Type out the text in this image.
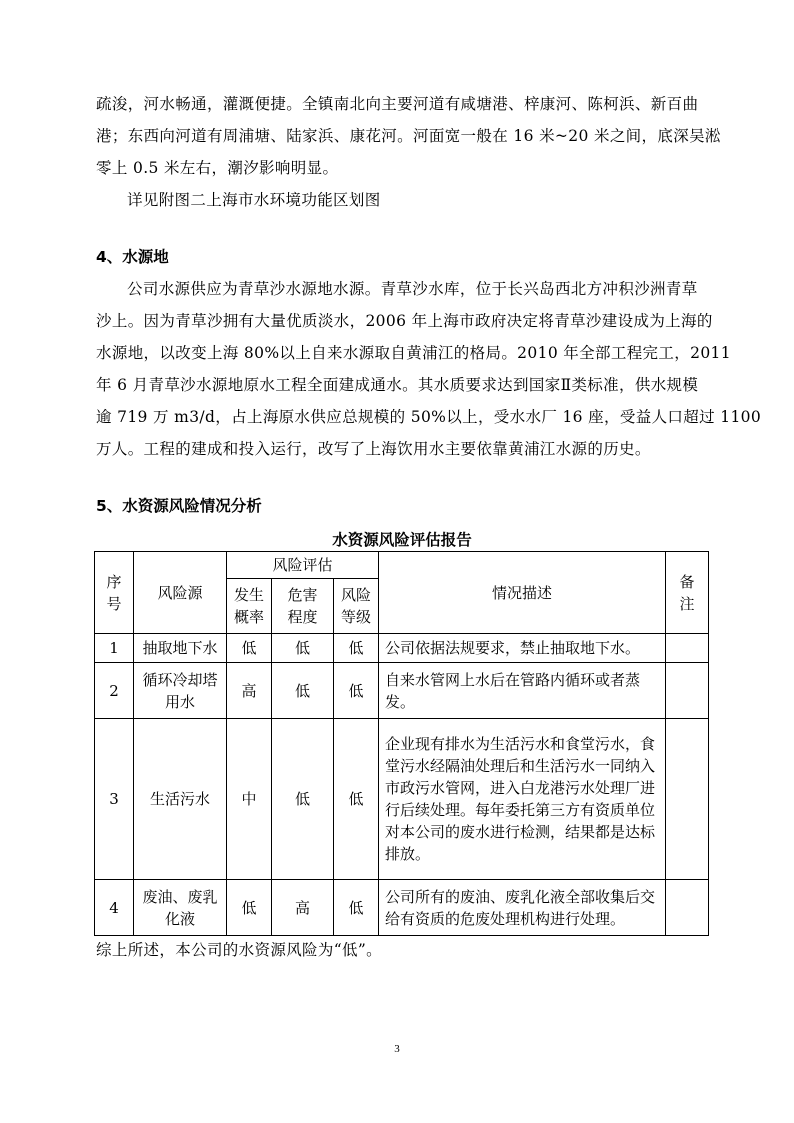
疏浚，河水畅通，灌溉便捷。全镇南北向主要河道有咸塘港、梓康河、陈柯浜、新百曲
港；东西向河道有周浦塘、陆家浜、康花河。河面宽一般在 16 米~20 米之间，底深吴淞
零上 0.5 米左右，潮汐影响明显。
详见附图二上海市水环境功能区划图
4、水源地
公司水源供应为青草沙水源地水源。青草沙水库，位于长兴岛西北方冲积沙洲青草
沙上。因为青草沙拥有大量优质淡水，2006 年上海市政府决定将青草沙建设成为上海的
水源地，以改变上海 80%以上自来水源取自黄浦江的格局。2010 年全部工程完工，2011
年 6 月青草沙水源地原水工程全面建成通水。其水质要求达到国家Ⅱ类标准，供水规模
逾 719 万 m3/d，占上海原水供应总规模的 50%以上，受水水厂 16 座，受益人口超过 1100
万人。工程的建成和投入运行，改写了上海饮用水主要依靠黄浦江水源的历史。
5、水资源风险情况分析
水资源风险评估报告
序号	风险源	风险评估			情况描述	备注
		发生概率	危害程度	风险等级		
1	抽取地下水	低	低	低	公司依据法规要求，禁止抽取地下水。	
2	循环冷却塔用水	高	低	低	自来水管网上水后在管路内循环或者蒸发。	
3	生活污水	中	低	低	企业现有排水为生活污水和食堂污水，食堂污水经隔油处理后和生活污水一同纳入市政污水管网，进入白龙港污水处理厂进行后续处理。每年委托第三方有资质单位对本公司的废水进行检测，结果都是达标排放。	
4	废油、废乳化液	低	高	低	公司所有的废油、废乳化液全部收集后交给有资质的危废处理机构进行处理。	
综上所述，本公司的水资源风险为“低”。
3
